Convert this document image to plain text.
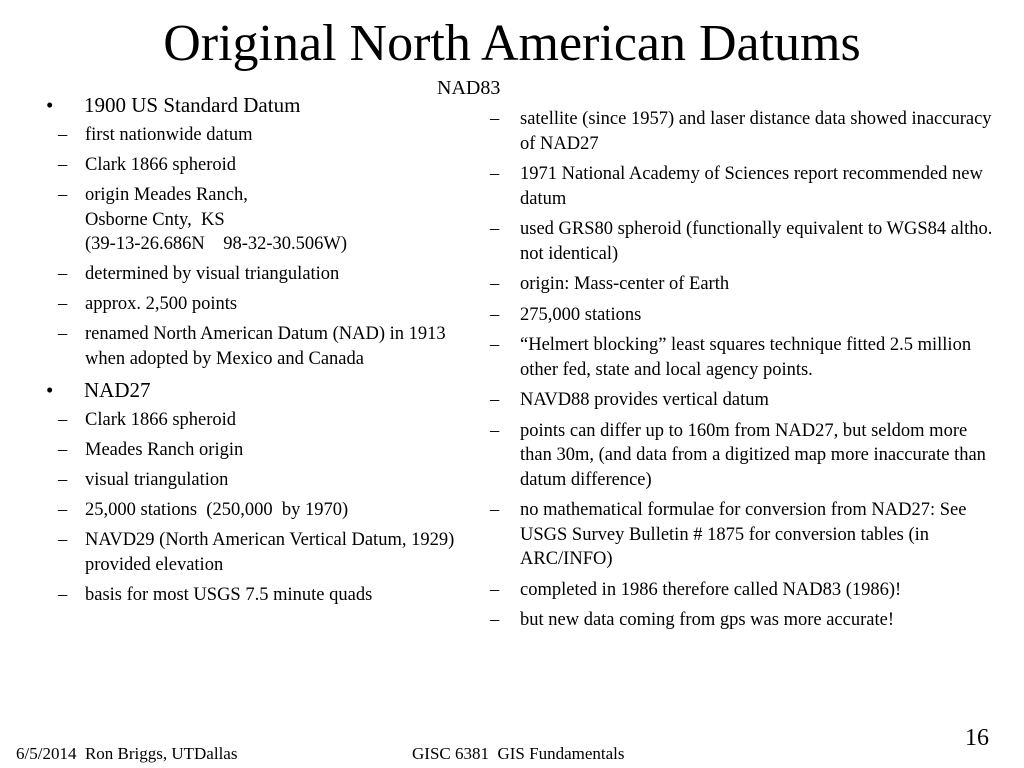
Original North American Datums
NAD83
• 1900 US Standard Datum
– first nationwide datum
– Clark 1866 spheroid
– origin Meades Ranch,
Osborne Cnty,  KS
(39-13-26.686N    98-32-30.506W)
– determined by visual triangulation
– approx. 2,500 points
– renamed North American Datum (NAD) in 1913 when adopted by Mexico and Canada
• NAD27
– Clark 1866 spheroid
– Meades Ranch origin
– visual triangulation
– 25,000 stations  (250,000  by 1970)
– NAVD29 (North American Vertical Datum, 1929) provided elevation
– basis for most USGS 7.5 minute quads
– satellite (since 1957) and laser distance data showed inaccuracy of NAD27
– 1971 National Academy of Sciences report recommended new datum
– used GRS80 spheroid (functionally equivalent to WGS84 altho. not identical)
– origin: Mass-center of Earth
– 275,000 stations
– “Helmert blocking” least squares technique fitted 2.5 million other fed, state and local agency points.
– NAVD88 provides vertical datum
– points can differ up to 160m from NAD27, but seldom more than 30m, (and data from a digitized map more inaccurate than datum difference)
– no mathematical formulae for conversion from NAD27: See USGS Survey Bulletin # 1875 for conversion tables (in ARC/INFO)
– completed in 1986 therefore called NAD83 (1986)!
– but new data coming from gps was more accurate!
6/5/2014  Ron Briggs, UTDallas	GISC 6381  GIS Fundamentals
16
